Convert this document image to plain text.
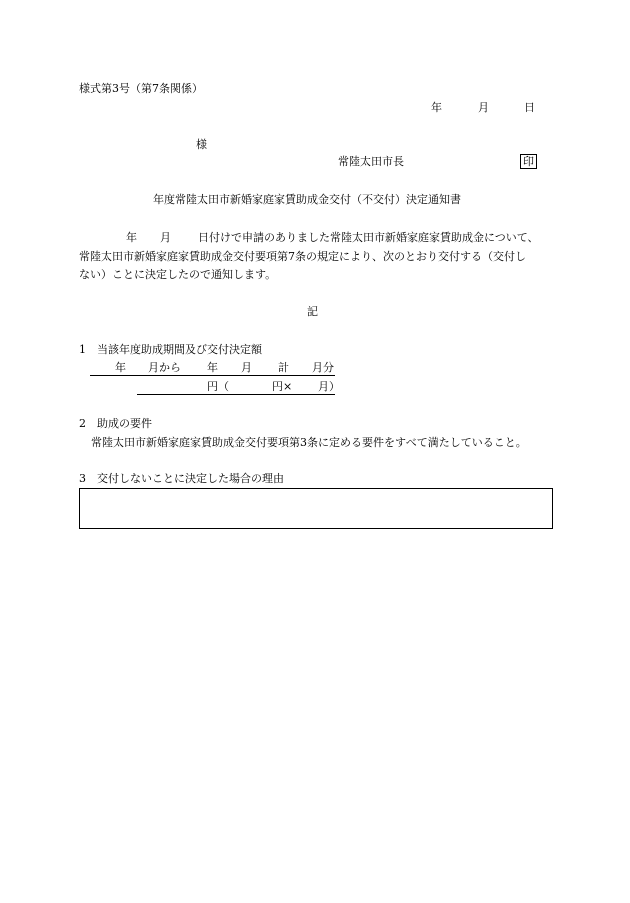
様式第3号（第7条関係）
年	月	日
様
常陸太田市長	印
年度常陸太田市新婚家庭家賃助成金交付（不交付）決定通知書
年 月 日付けで申請のありました常陸太田市新婚家庭家賃助成金について、
常陸太田市新婚家庭家賃助成金交付要項第7条の規定により、次のとおり交付する（交付し
ない）ことに決定したので通知します。
記
1　当該年度助成期間及び交付決定額
年 月から 年 月 計 月分
円（	円× 月）
2　助成の要件
常陸太田市新婚家庭家賃助成金交付要項第3条に定める要件をすべて満たしていること。
3　交付しないことに決定した場合の理由
